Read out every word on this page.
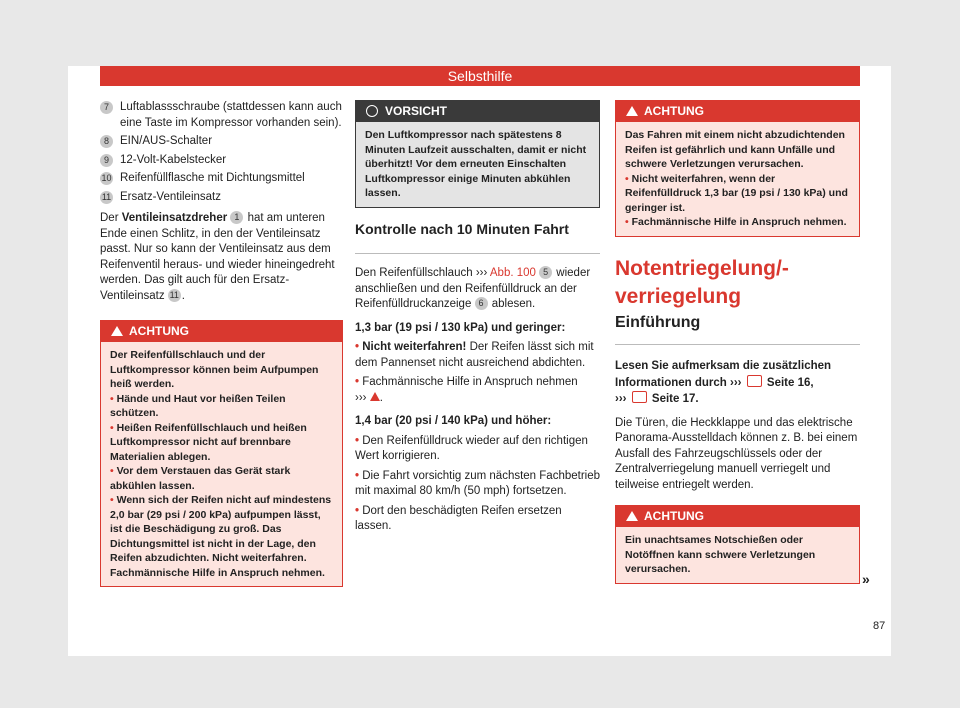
Selbsthilfe
7 Luftablassschraube (stattdessen kann auch eine Taste im Kompressor vorhanden sein).
8 EIN/AUS-Schalter
9 12-Volt-Kabelstecker
10 Reifenfüllflasche mit Dichtungsmittel
11 Ersatz-Ventileinsatz

Der Ventileinsatzdreher 1 hat am unteren Ende einen Schlitz, in den der Ventileinsatz passt. Nur so kann der Ventileinsatz aus dem Reifenventil heraus- und wieder hineingedreht werden. Das gilt auch für den Ersatz-Ventileinsatz 11 .

ACHTUNG
Der Reifenfüllschlauch und der Luftkompressor können beim Aufpumpen heiß werden.
• Hände und Haut vor heißen Teilen schützen.
• Heißen Reifenfüllschlauch und heißen Luftkompressor nicht auf brennbare Materialien ablegen.
• Vor dem Verstauen das Gerät stark abkühlen lassen.
• Wenn sich der Reifen nicht auf mindestens 2,0 bar (29 psi / 200 kPa) aufpumpen lässt, ist die Beschädigung zu groß. Das Dichtungsmittel ist nicht in der Lage, den Reifen abzudichten. Nicht weiterfahren. Fachmännische Hilfe in Anspruch nehmen.
VORSICHT
Den Luftkompressor nach spätestens 8 Minuten Laufzeit ausschalten, damit er nicht überhitzt! Vor dem erneuten Einschalten Luftkompressor einige Minuten abkühlen lassen.
Kontrolle nach 10 Minuten Fahrt

Den Reifenfüllschlauch ››› Abb. 100 5 wieder anschließen und den Reifenfülldruck an der Reifenfülldruckanzeige 6 ablesen.

1,3 bar (19 psi / 130 kPa) und geringer:

• Nicht weiterfahren! Der Reifen lässt sich mit dem Pannenset nicht ausreichend abdichten.

• Fachmännische Hilfe in Anspruch nehmen
››› .

1,4 bar (20 psi / 140 kPa) und höher:

• Den Reifenfülldruck wieder auf den richtigen Wert korrigieren.

• Die Fahrt vorsichtig zum nächsten Fachbetrieb mit maximal 80 km/h (50 mph) fortsetzen.

• Dort den beschädigten Reifen ersetzen lassen.

ACHTUNG
Das Fahren mit einem nicht abzudichtenden Reifen ist gefährlich und kann Unfälle und schwere Verletzungen verursachen.
• Nicht weiterfahren, wenn der Reifenfülldruck 1,3 bar (19 psi / 130 kPa) und geringer ist.
• Fachmännische Hilfe in Anspruch nehmen.
Notentriegelung/-verriegelung
Einführung

Lesen Sie aufmerksam die zusätzlichen Informationen durch ››› Seite 16,
››› Seite 17.

Die Türen, die Heckklappe und das elektrische Panorama-Ausstelldach können z. B. bei einem Ausfall des Fahrzeugschlüssels oder der Zentralverriegelung manuell verriegelt und teilweise entriegelt werden.

ACHTUNG
Ein unachtsames Notschießen oder Notöffnen kann schwere Verletzungen verursachen.
»
87
